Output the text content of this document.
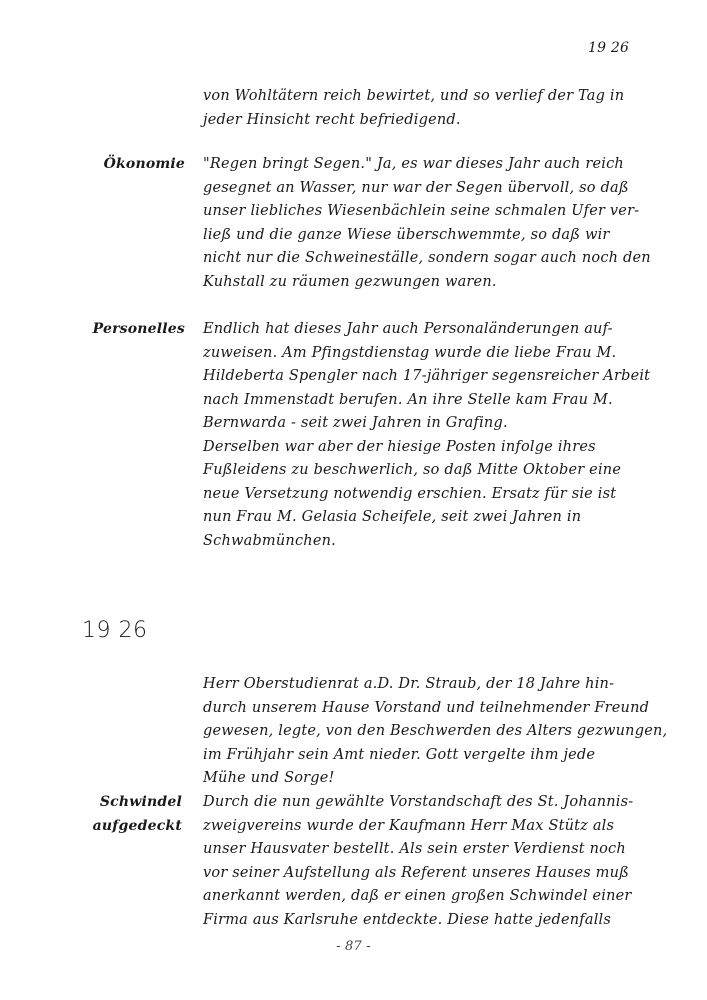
19 26
von Wohltätern reich bewirtet, und so verlief der Tag in
jeder Hinsicht recht befriedigend.
Ökonomie "Regen bringt Segen." Ja, es war dieses Jahr auch reich
gesegnet an Wasser, nur war der Segen übervoll, so daß
unser liebliches Wiesenbächlein seine schmalen Ufer ver-
ließ und die ganze Wiese überschwemmte, so daß wir
nicht nur die Schweineställe, sondern sogar auch noch den
Kuhstall zu räumen gezwungen waren.
Personelles Endlich hat dieses Jahr auch Personaländerungen auf-
zuweisen. Am Pfingstdienstag wurde die liebe Frau M.
Hildeberta Spengler nach 17-jähriger segensreicher Arbeit
nach Immenstadt berufen. An ihre Stelle kam Frau M.
Bernwarda - seit zwei Jahren in Grafing.
Derselben war aber der hiesige Posten infolge ihres
Fußleidens zu beschwerlich, so daß Mitte Oktober eine
neue Versetzung notwendig erschien. Ersatz für sie ist
nun Frau M. Gelasia Scheifele, seit zwei Jahren in
Schwabmünchen.
19 26
Herr Oberstudienrat a.D. Dr. Straub, der 18 Jahre hin-
durch unserem Hause Vorstand und teilnehmender Freund
gewesen, legte, von den Beschwerden des Alters gezwungen,
im Frühjahr sein Amt nieder. Gott vergelte ihm jede
Mühe und Sorge!
Schwindel
aufgedeckt
Durch die nun gewählte Vorstandschaft des St. Johannis-
zweigvereins wurde der Kaufmann Herr Max Stütz als
unser Hausvater bestellt. Als sein erster Verdienst noch
vor seiner Aufstellung als Referent unseres Hauses muß
anerkannt werden, daß er einen großen Schwindel einer
Firma aus Karlsruhe entdeckte. Diese hatte jedenfalls
- 87 -
